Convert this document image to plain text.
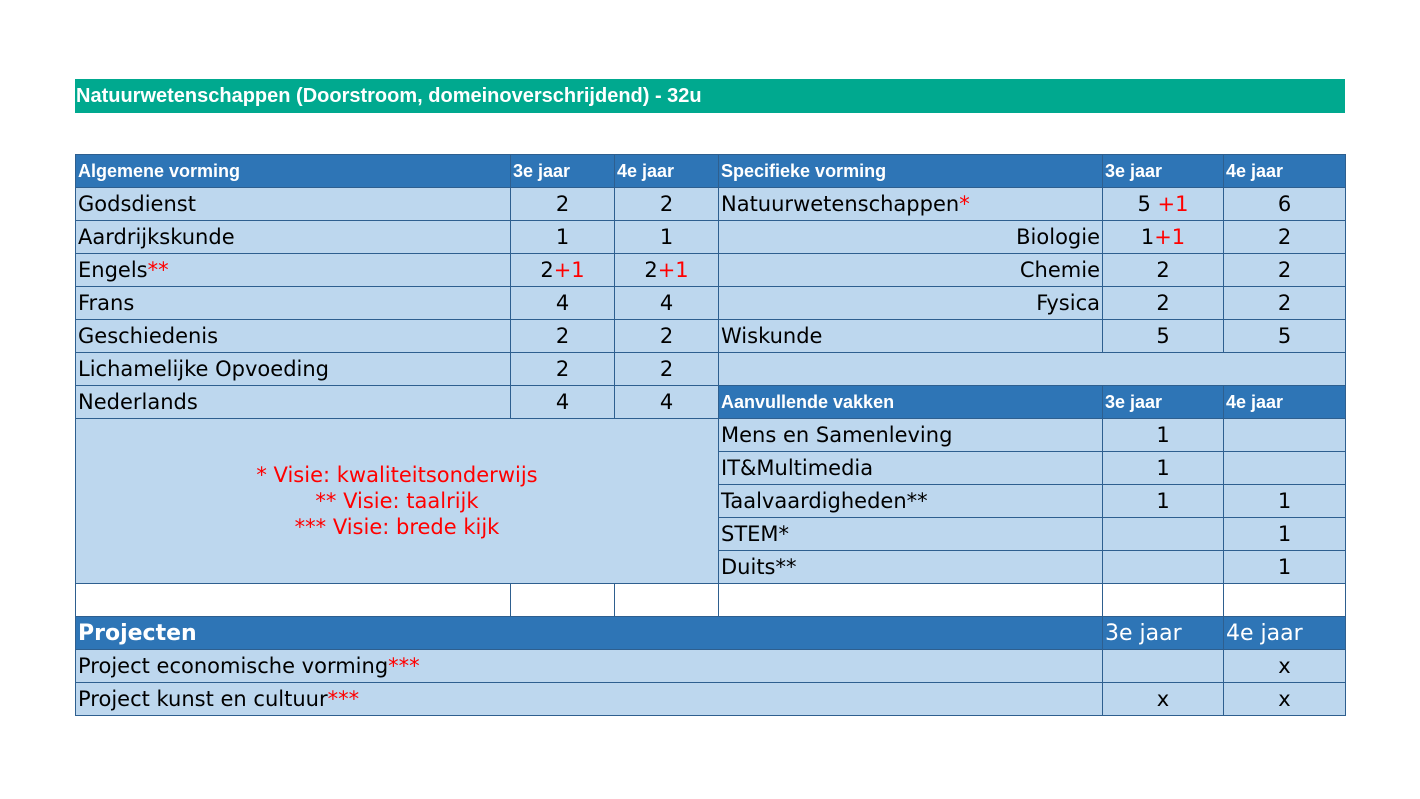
Natuurwetenschappen (Doorstroom, domeinoverschrijdend) - 32u
Algemene vorming	3e jaar	4e jaar	Specifieke vorming	3e jaar	4e jaar
Godsdienst	2	2	Natuurwetenschappen*	5 +1	6
Aardrijkskunde	1	1	Biologie	1+1	2
Engels**	2+1	2+1	Chemie	2	2
Frans	4	4	Fysica	2	2
Geschiedenis	2	2	Wiskunde	5	5
Lichamelijke Opvoeding	2	2			
Nederlands	4	4	Aanvullende vakken	3e jaar	4e jaar

* Visie: kwaliteitsonderwijs
** Visie: taalrijk
*** Visie: brede kijk			Mens en Samenleving	1	
			IT&Multimedia	1	
			Taalvaardigheden**	1	1
			STEM*		1
			Duits**		1

Projecten				3e jaar	4e jaar
Project economische vorming***					x
Project kunst en cultuur***				x	x
